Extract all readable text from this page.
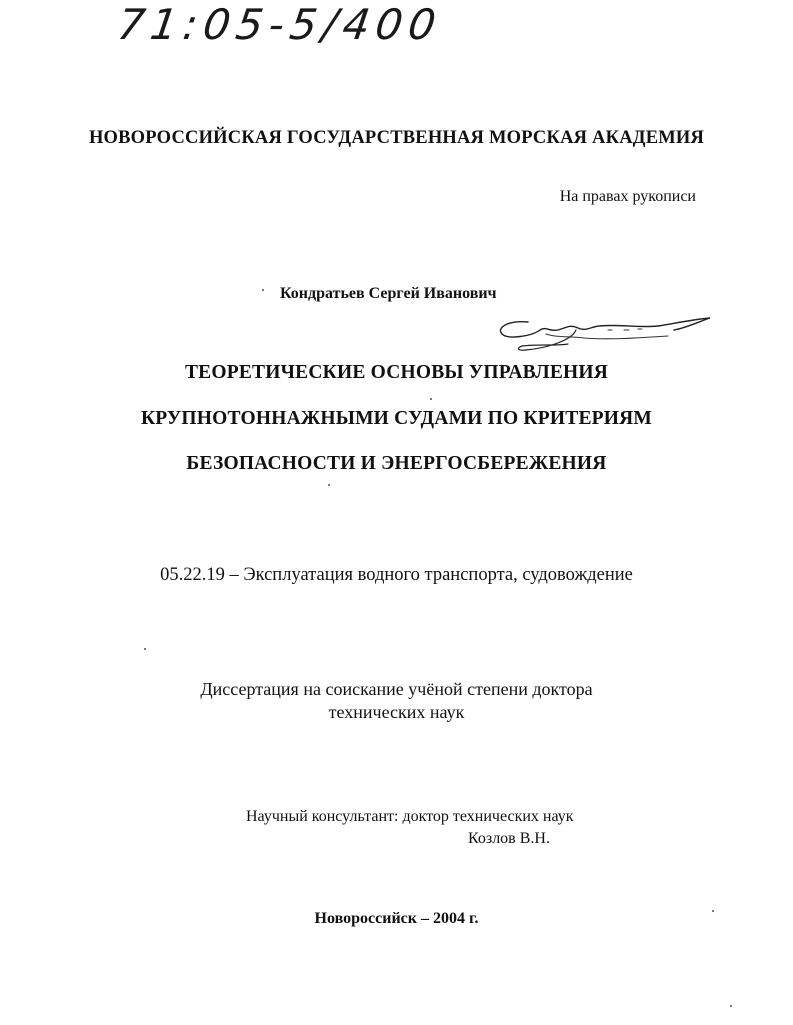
71:05-5/400
НОВОРОССИЙСКАЯ ГОСУДАРСТВЕННАЯ МОРСКАЯ АКАДЕМИЯ
На правах рукописи
Кондратьев Сергей Иванович
ТЕОРЕТИЧЕСКИЕ ОСНОВЫ УПРАВЛЕНИЯ
КРУПНОТОННАЖНЫМИ СУДАМИ ПО КРИТЕРИЯМ
БЕЗОПАСНОСТИ И ЭНЕРГОСБЕРЕЖЕНИЯ
05.22.19 – Эксплуатация водного транспорта, судовождение
Диссертация на соискание учёной степени доктора
технических наук
Научный консультант: доктор технических наук
Козлов В.Н.
Новороссийск – 2004 г.
